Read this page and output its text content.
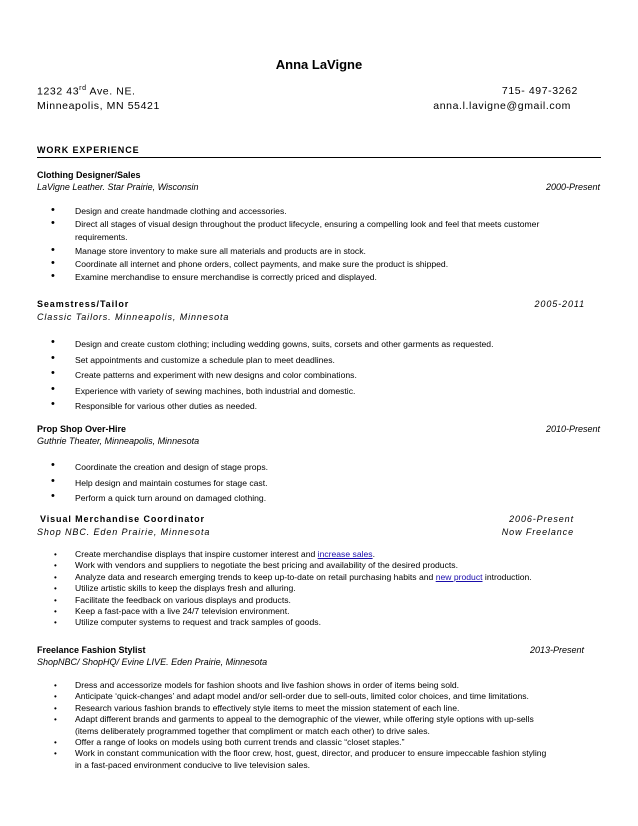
Anna LaVigne
1232 43rd Ave. NE.
Minneapolis, MN 55421
715- 497-3262
anna.l.lavigne@gmail.com
WORK EXPERIENCE
Clothing Designer/Sales
LaVigne Leather. Star Prairie, Wisconsin	2000-Present
• Design and create handmade clothing and accessories.
• Direct all stages of visual design throughout the product lifecycle, ensuring a compelling look and feel that meets customer
requirements.
• Manage store inventory to make sure all materials and products are in stock.
• Coordinate all internet and phone orders, collect payments, and make sure the product is shipped.
• Examine merchandise to ensure merchandise is correctly priced and displayed.
Seamstress/Tailor
Classic Tailors. Minneapolis, Minnesota
2005-2011
• Design and create custom clothing; including wedding gowns, suits, corsets and other garments as requested.
• Set appointments and customize a schedule plan to meet deadlines.
• Create patterns and experiment with new designs and color combinations.
• Experience with variety of sewing machines, both industrial and domestic.
• Responsible for various other duties as needed.
Prop Shop Over-Hire
Guthrie Theater, Minneapolis, Minnesota
2010-Present
• Coordinate the creation and design of stage props.
• Help design and maintain costumes for stage cast.
• Perform a quick turn around on damaged clothing.
Visual Merchandise Coordinator
Shop NBC. Eden Prairie, Minnesota
2006-Present
Now Freelance
• Create merchandise displays that inspire customer interest and increase sales.
• Work with vendors and suppliers to negotiate the best pricing and availability of the desired products.
• Analyze data and research emerging trends to keep up-to-date on retail purchasing habits and new product introduction.
• Utilize artistic skills to keep the displays fresh and alluring.
• Facilitate the feedback on various displays and products.
• Keep a fast-pace with a live 24/7 television environment.
• Utilize computer systems to request and track samples of goods.
Freelance Fashion Stylist
ShopNBC/ ShopHQ/ Evine LIVE. Eden Prairie, Minnesota
2013-Present
• Dress and accessorize models for fashion shoots and live fashion shows in order of items being sold.
• Anticipate ‘quick-changes’ and adapt model and/or sell-order due to sell-outs, limited color choices, and time limitations.
• Research various fashion brands to effectively style items to meet the mission statement of each line.
• Adapt different brands and garments to appeal to the demographic of the viewer, while offering style options with up-sells
(items deliberately programmed together that compliment or match each other) to drive sales.
• Offer a range of looks on models using both current trends and classic “closet staples.”
• Work in constant communication with the floor crew, host, guest, director, and producer to ensure impeccable fashion styling
in a fast-paced environment conducive to live television sales.
